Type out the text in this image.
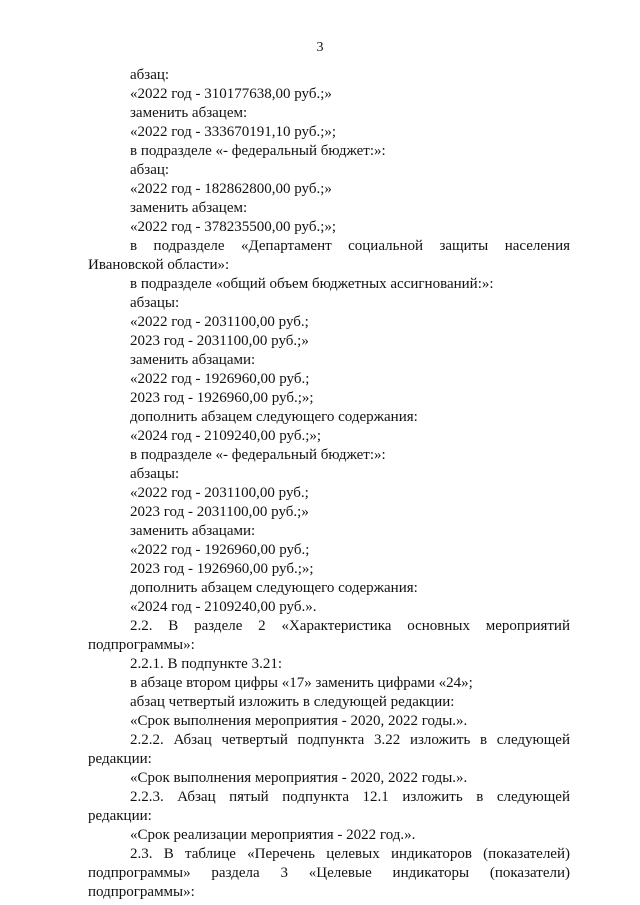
3
абзац:
«2022 год - 310177638,00 руб.;»
заменить абзацем:
«2022 год - 333670191,10 руб.;»;
в подразделе «- федеральный бюджет:»:
абзац:
«2022 год - 182862800,00 руб.;»
заменить абзацем:
«2022 год - 378235500,00 руб.;»;
в подразделе «Департамент социальной защиты населения
Ивановской области»:
в подразделе «общий объем бюджетных ассигнований:»:
абзацы:
«2022 год - 2031100,00 руб.;
2023 год - 2031100,00 руб.;»
заменить абзацами:
«2022 год - 1926960,00 руб.;
2023 год - 1926960,00 руб.;»;
дополнить абзацем следующего содержания:
«2024 год - 2109240,00 руб.;»;
в подразделе «- федеральный бюджет:»:
абзацы:
«2022 год - 2031100,00 руб.;
2023 год - 2031100,00 руб.;»
заменить абзацами:
«2022 год - 1926960,00 руб.;
2023 год - 1926960,00 руб.;»;
дополнить абзацем следующего содержания:
«2024 год - 2109240,00 руб.».
2.2. В разделе 2 «Характеристика основных мероприятий
подпрограммы»:
2.2.1. В подпункте 3.21:
в абзаце втором цифры «17» заменить цифрами «24»;
абзац четвертый изложить в следующей редакции:
«Срок выполнения мероприятия - 2020, 2022 годы.».
2.2.2. Абзац четвертый подпункта 3.22 изложить в следующей
редакции:
«Срок выполнения мероприятия - 2020, 2022 годы.».
2.2.3. Абзац пятый подпункта 12.1 изложить в следующей
редакции:
«Срок реализации мероприятия - 2022 год.».
2.3. В таблице «Перечень целевых индикаторов (показателей)
подпрограммы» раздела 3 «Целевые индикаторы (показатели)
подпрограммы»:
